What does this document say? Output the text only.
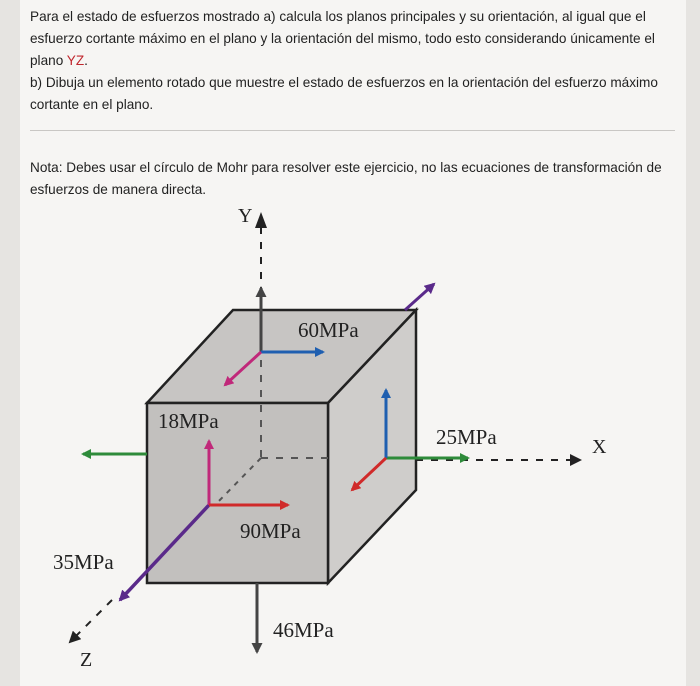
Para el estado de esfuerzos mostrado a) calcula los planos principales y su orientación, al igual que el esfuerzo cortante máximo en el plano y la orientación del mismo, todo esto considerando únicamente el plano YZ.

b) Dibuja un elemento rotado que muestre el estado de esfuerzos en la orientación del esfuerzo máximo cortante en el plano.

Nota: Debes usar el círculo de Mohr para resolver este ejercicio, no las ecuaciones de transformación de esfuerzos de manera directa.

Y
X
Z
60MPa
18MPa
25MPa
90MPa
35MPa
46MPa
